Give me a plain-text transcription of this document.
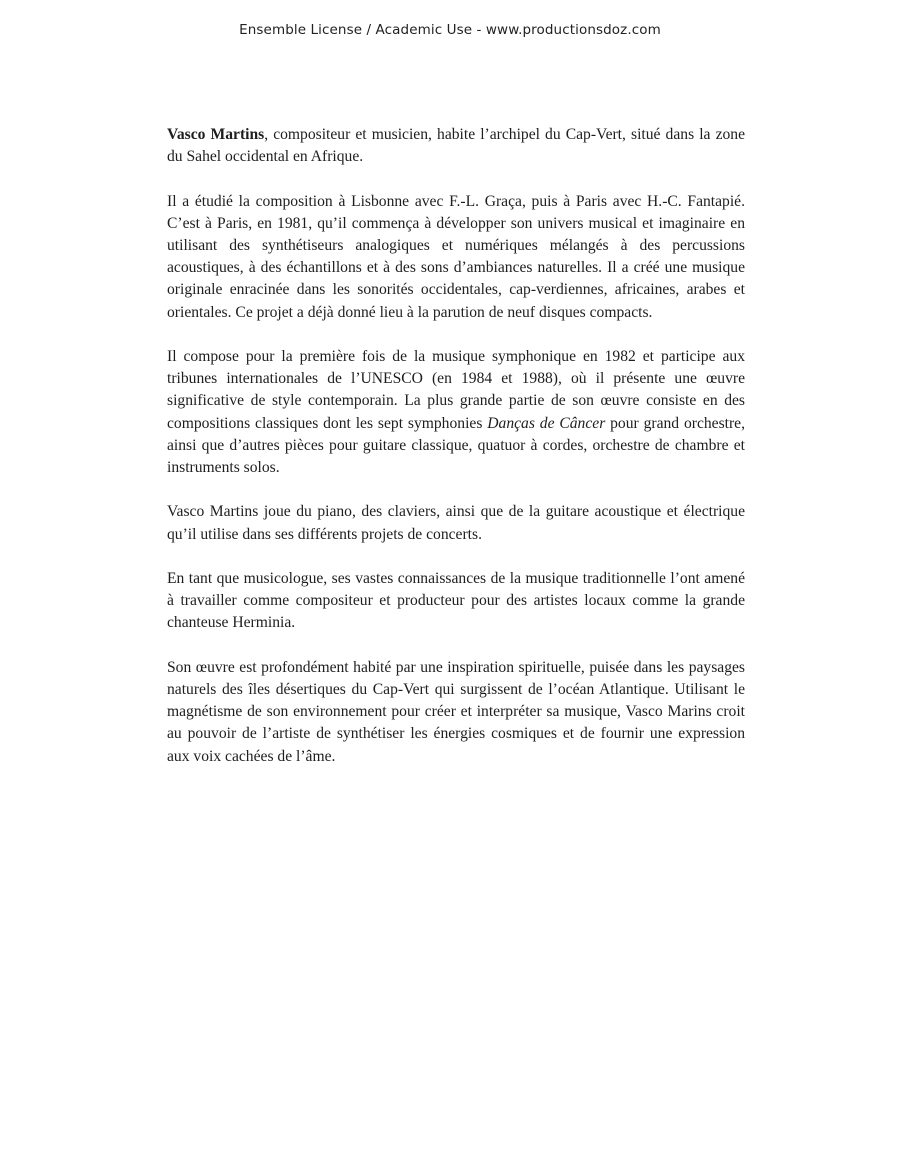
Ensemble License / Academic Use - www.productionsdoz.com

Vasco Martins, compositeur et musicien, habite l’archipel du Cap-Vert, situé dans la zone du Sahel occidental en Afrique.

Il a étudié la composition à Lisbonne avec F.-L. Graça, puis à Paris avec H.-C. Fantapié. C’est à Paris, en 1981, qu’il commença à développer son univers musical et imaginaire en utilisant des synthétiseurs analogiques et numériques mélangés à des percussions acoustiques, à des échantillons et à des sons d’ambiances naturelles. Il a créé une musique originale enracinée dans les sonorités occidentales, cap-verdiennes, africaines, arabes et orientales. Ce projet a déjà donné lieu à la parution de neuf disques compacts.

Il compose pour la première fois de la musique symphonique en 1982 et participe aux tribunes internationales de l’UNESCO (en 1984 et 1988), où il présente une œuvre significative de style contemporain. La plus grande partie de son œuvre consiste en des compositions classiques dont les sept symphonies Danças de Câncer pour grand orchestre, ainsi que d’autres pièces pour guitare classique, quatuor à cordes, orchestre de chambre et instruments solos.

Vasco Martins joue du piano, des claviers, ainsi que de la guitare acoustique et électrique qu’il utilise dans ses différents projets de concerts.

En tant que musicologue, ses vastes connaissances de la musique traditionnelle l’ont amené à travailler comme compositeur et producteur pour des artistes locaux comme la grande chanteuse Herminia.

Son œuvre est profondément habité par une inspiration spirituelle, puisée dans les paysages naturels des îles désertiques du Cap-Vert qui surgissent de l’océan Atlantique. Utilisant le magnétisme de son environnement pour créer et interpréter sa musique, Vasco Marins croit au pouvoir de l’artiste de synthétiser les énergies cosmiques et de fournir une expression aux voix cachées de l’âme.
